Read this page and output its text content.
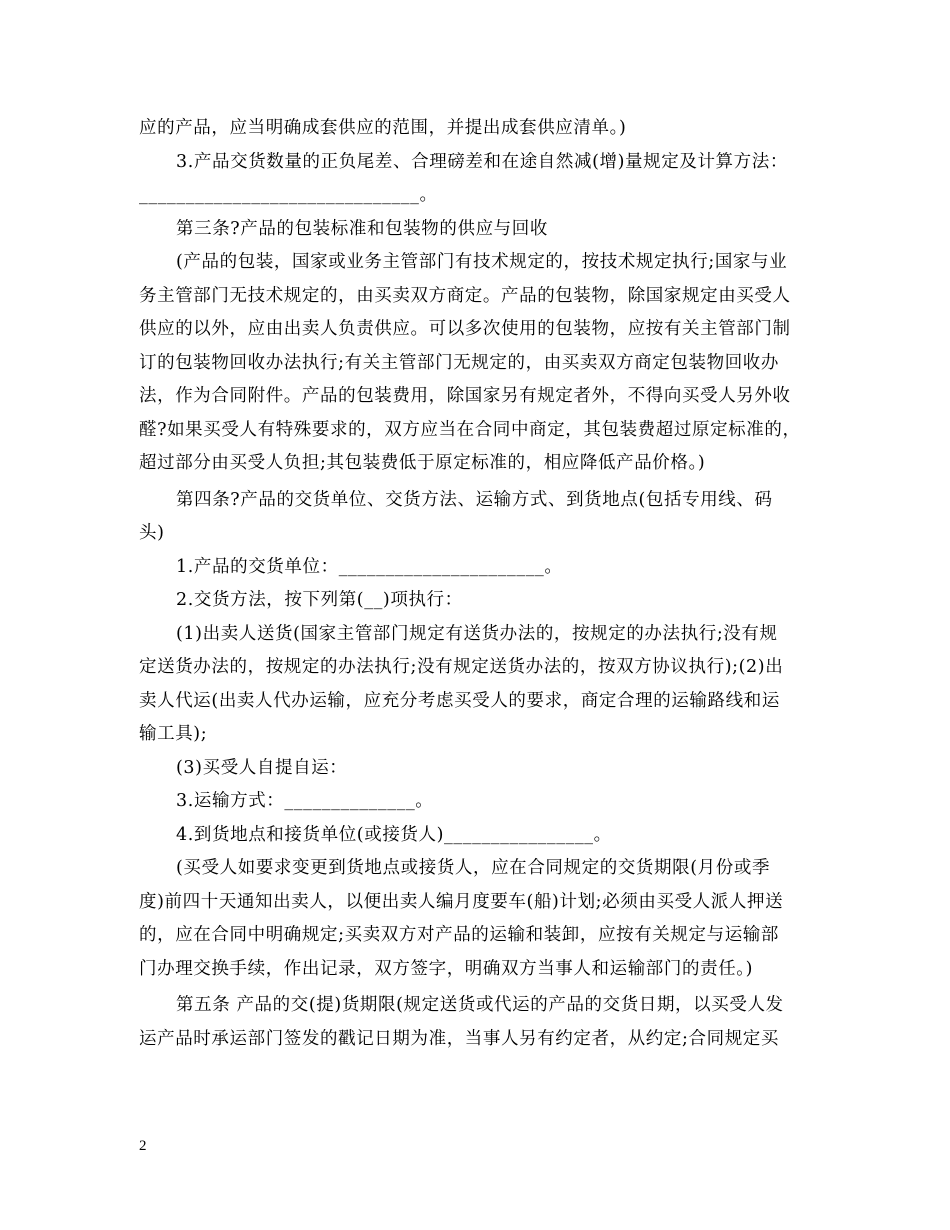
应的产品，应当明确成套供应的范围，并提出成套供应清单。)
3.产品交货数量的正负尾差、合理磅差和在途自然减(增)量规定及计算方法：
______________________________。
第三条?产品的包装标准和包装物的供应与回收
(产品的包装，国家或业务主管部门有技术规定的，按技术规定执行;国家与业
务主管部门无技术规定的，由买卖双方商定。产品的包装物，除国家规定由买受人
供应的以外，应由出卖人负责供应。可以多次使用的包装物，应按有关主管部门制
订的包装物回收办法执行;有关主管部门无规定的，由买卖双方商定包装物回收办
法，作为合同附件。产品的包装费用，除国家另有规定者外，不得向买受人另外收
醛?如果买受人有特殊要求的，双方应当在合同中商定，其包装费超过原定标准的，
超过部分由买受人负担;其包装费低于原定标准的，相应降低产品价格。)
第四条?产品的交货单位、交货方法、运输方式、到货地点(包括专用线、码
头)
1.产品的交货单位：______________________。
2.交货方法，按下列第(__)项执行：
(1)出卖人送货(国家主管部门规定有送货办法的，按规定的办法执行;没有规
定送货办法的，按规定的办法执行;没有规定送货办法的，按双方协议执行);(2)出
卖人代运(出卖人代办运输，应充分考虑买受人的要求，商定合理的运输路线和运
输工具);
(3)买受人自提自运：
3.运输方式：______________。
4.到货地点和接货单位(或接货人)________________。
(买受人如要求变更到货地点或接货人，应在合同规定的交货期限(月份或季
度)前四十天通知出卖人，以便出卖人编月度要车(船)计划;必须由买受人派人押送
的，应在合同中明确规定;买卖双方对产品的运输和装卸，应按有关规定与运输部
门办理交换手续，作出记录，双方签字，明确双方当事人和运输部门的责任。)
第五条 产品的交(提)货期限(规定送货或代运的产品的交货日期，以买受人发
运产品时承运部门签发的戳记日期为准，当事人另有约定者，从约定;合同规定买
2
